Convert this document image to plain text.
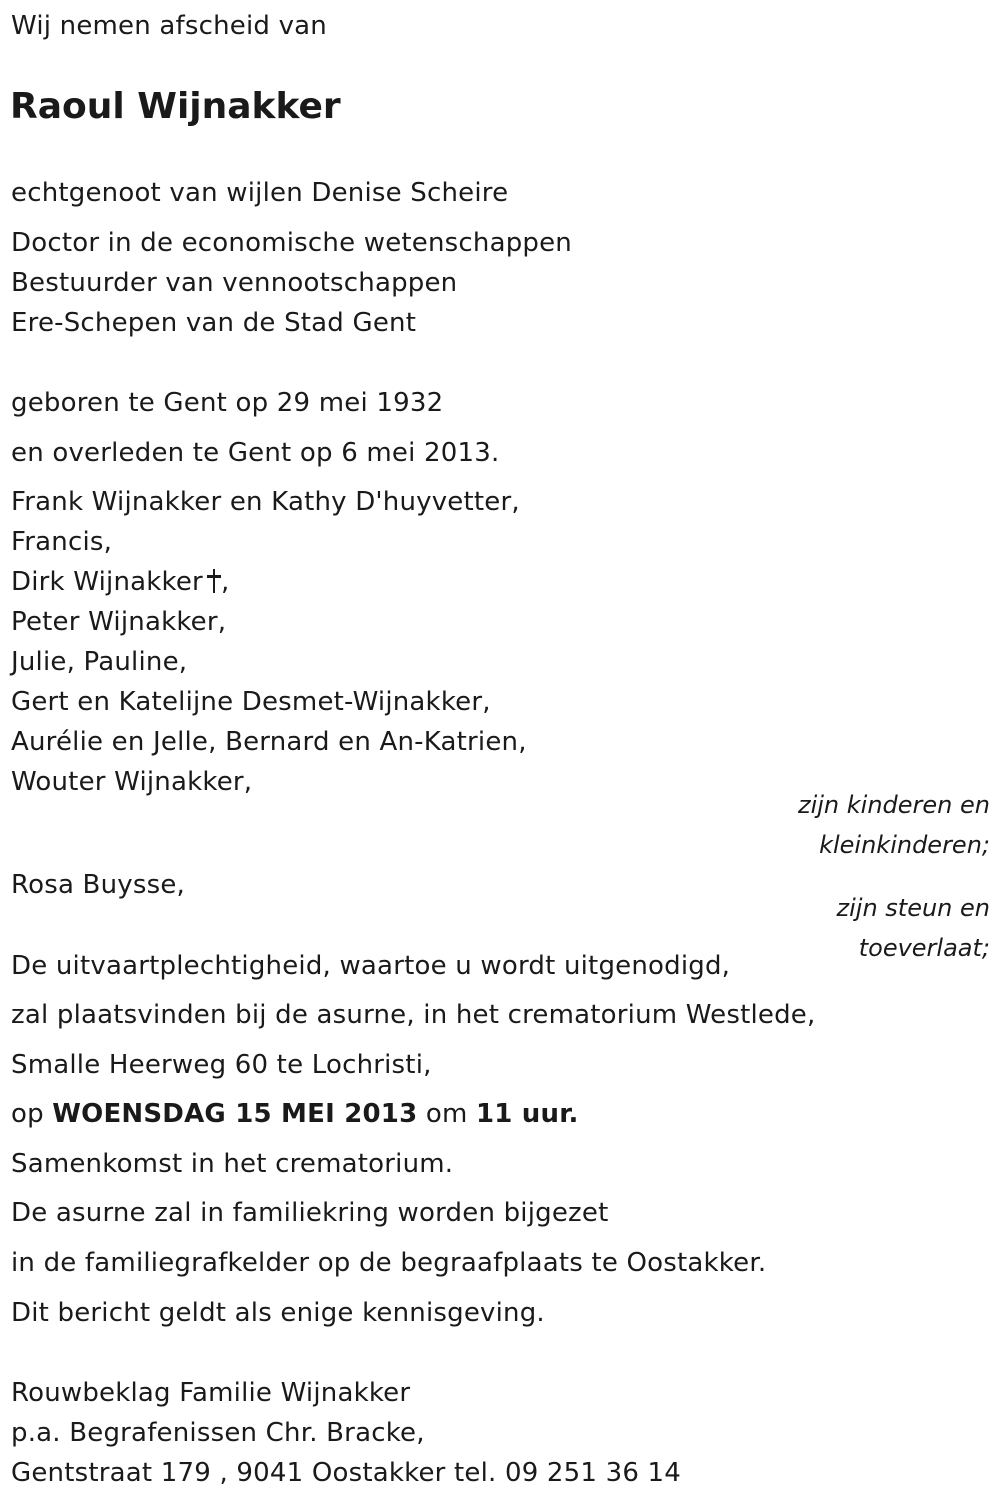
Wij nemen afscheid van
Raoul Wijnakker
echtgenoot van wijlen Denise Scheire
Doctor in de economische wetenschappen
Bestuurder van vennootschappen
Ere-Schepen van de Stad Gent
geboren te Gent op 29 mei 1932
en overleden te Gent op 6 mei 2013.
Frank Wijnakker en Kathy D'huyvetter,
Francis,
Dirk Wijnakker ,
Peter Wijnakker,
Julie, Pauline,
Gert en Katelijne Desmet-Wijnakker,
Aurélie en Jelle, Bernard en An-Katrien,
Wouter Wijnakker,
zijn kinderen en
kleinkinderen;
Rosa Buysse,
zijn steun en
toeverlaat;
De uitvaartplechtigheid, waartoe u wordt uitgenodigd,
zal plaatsvinden bij de asurne, in het crematorium Westlede,
Smalle Heerweg 60 te Lochristi,
op WOENSDAG 15 MEI 2013 om 11 uur.
Samenkomst in het crematorium.
De asurne zal in familiekring worden bijgezet
in de familiegrafkelder op de begraafplaats te Oostakker.
Dit bericht geldt als enige kennisgeving.
Rouwbeklag Familie Wijnakker
p.a. Begrafenissen Chr. Bracke,
Gentstraat 179 , 9041 Oostakker tel. 09 251 36 14
